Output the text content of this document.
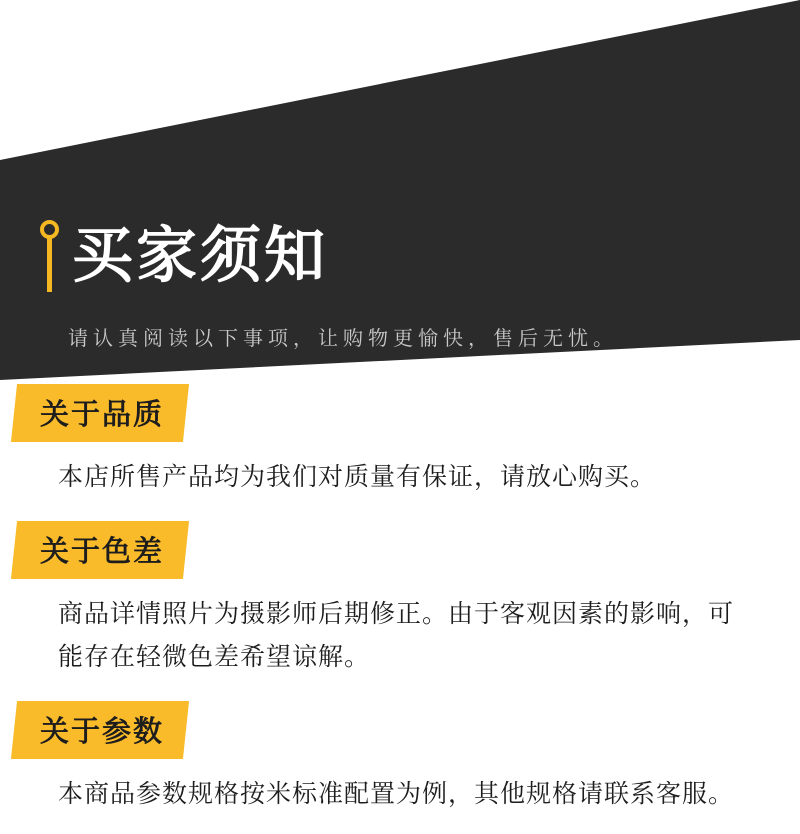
买家须知
请认真阅读以下事项，让购物更愉快，售后无忧。
关于品质
本店所售产品均为我们对质量有保证，请放心购买。
关于色差
商品详情照片为摄影师后期修正。由于客观因素的影响，可能存在轻微色差希望谅解。
关于参数
本商品参数规格按米标准配置为例，其他规格请联系客服。
